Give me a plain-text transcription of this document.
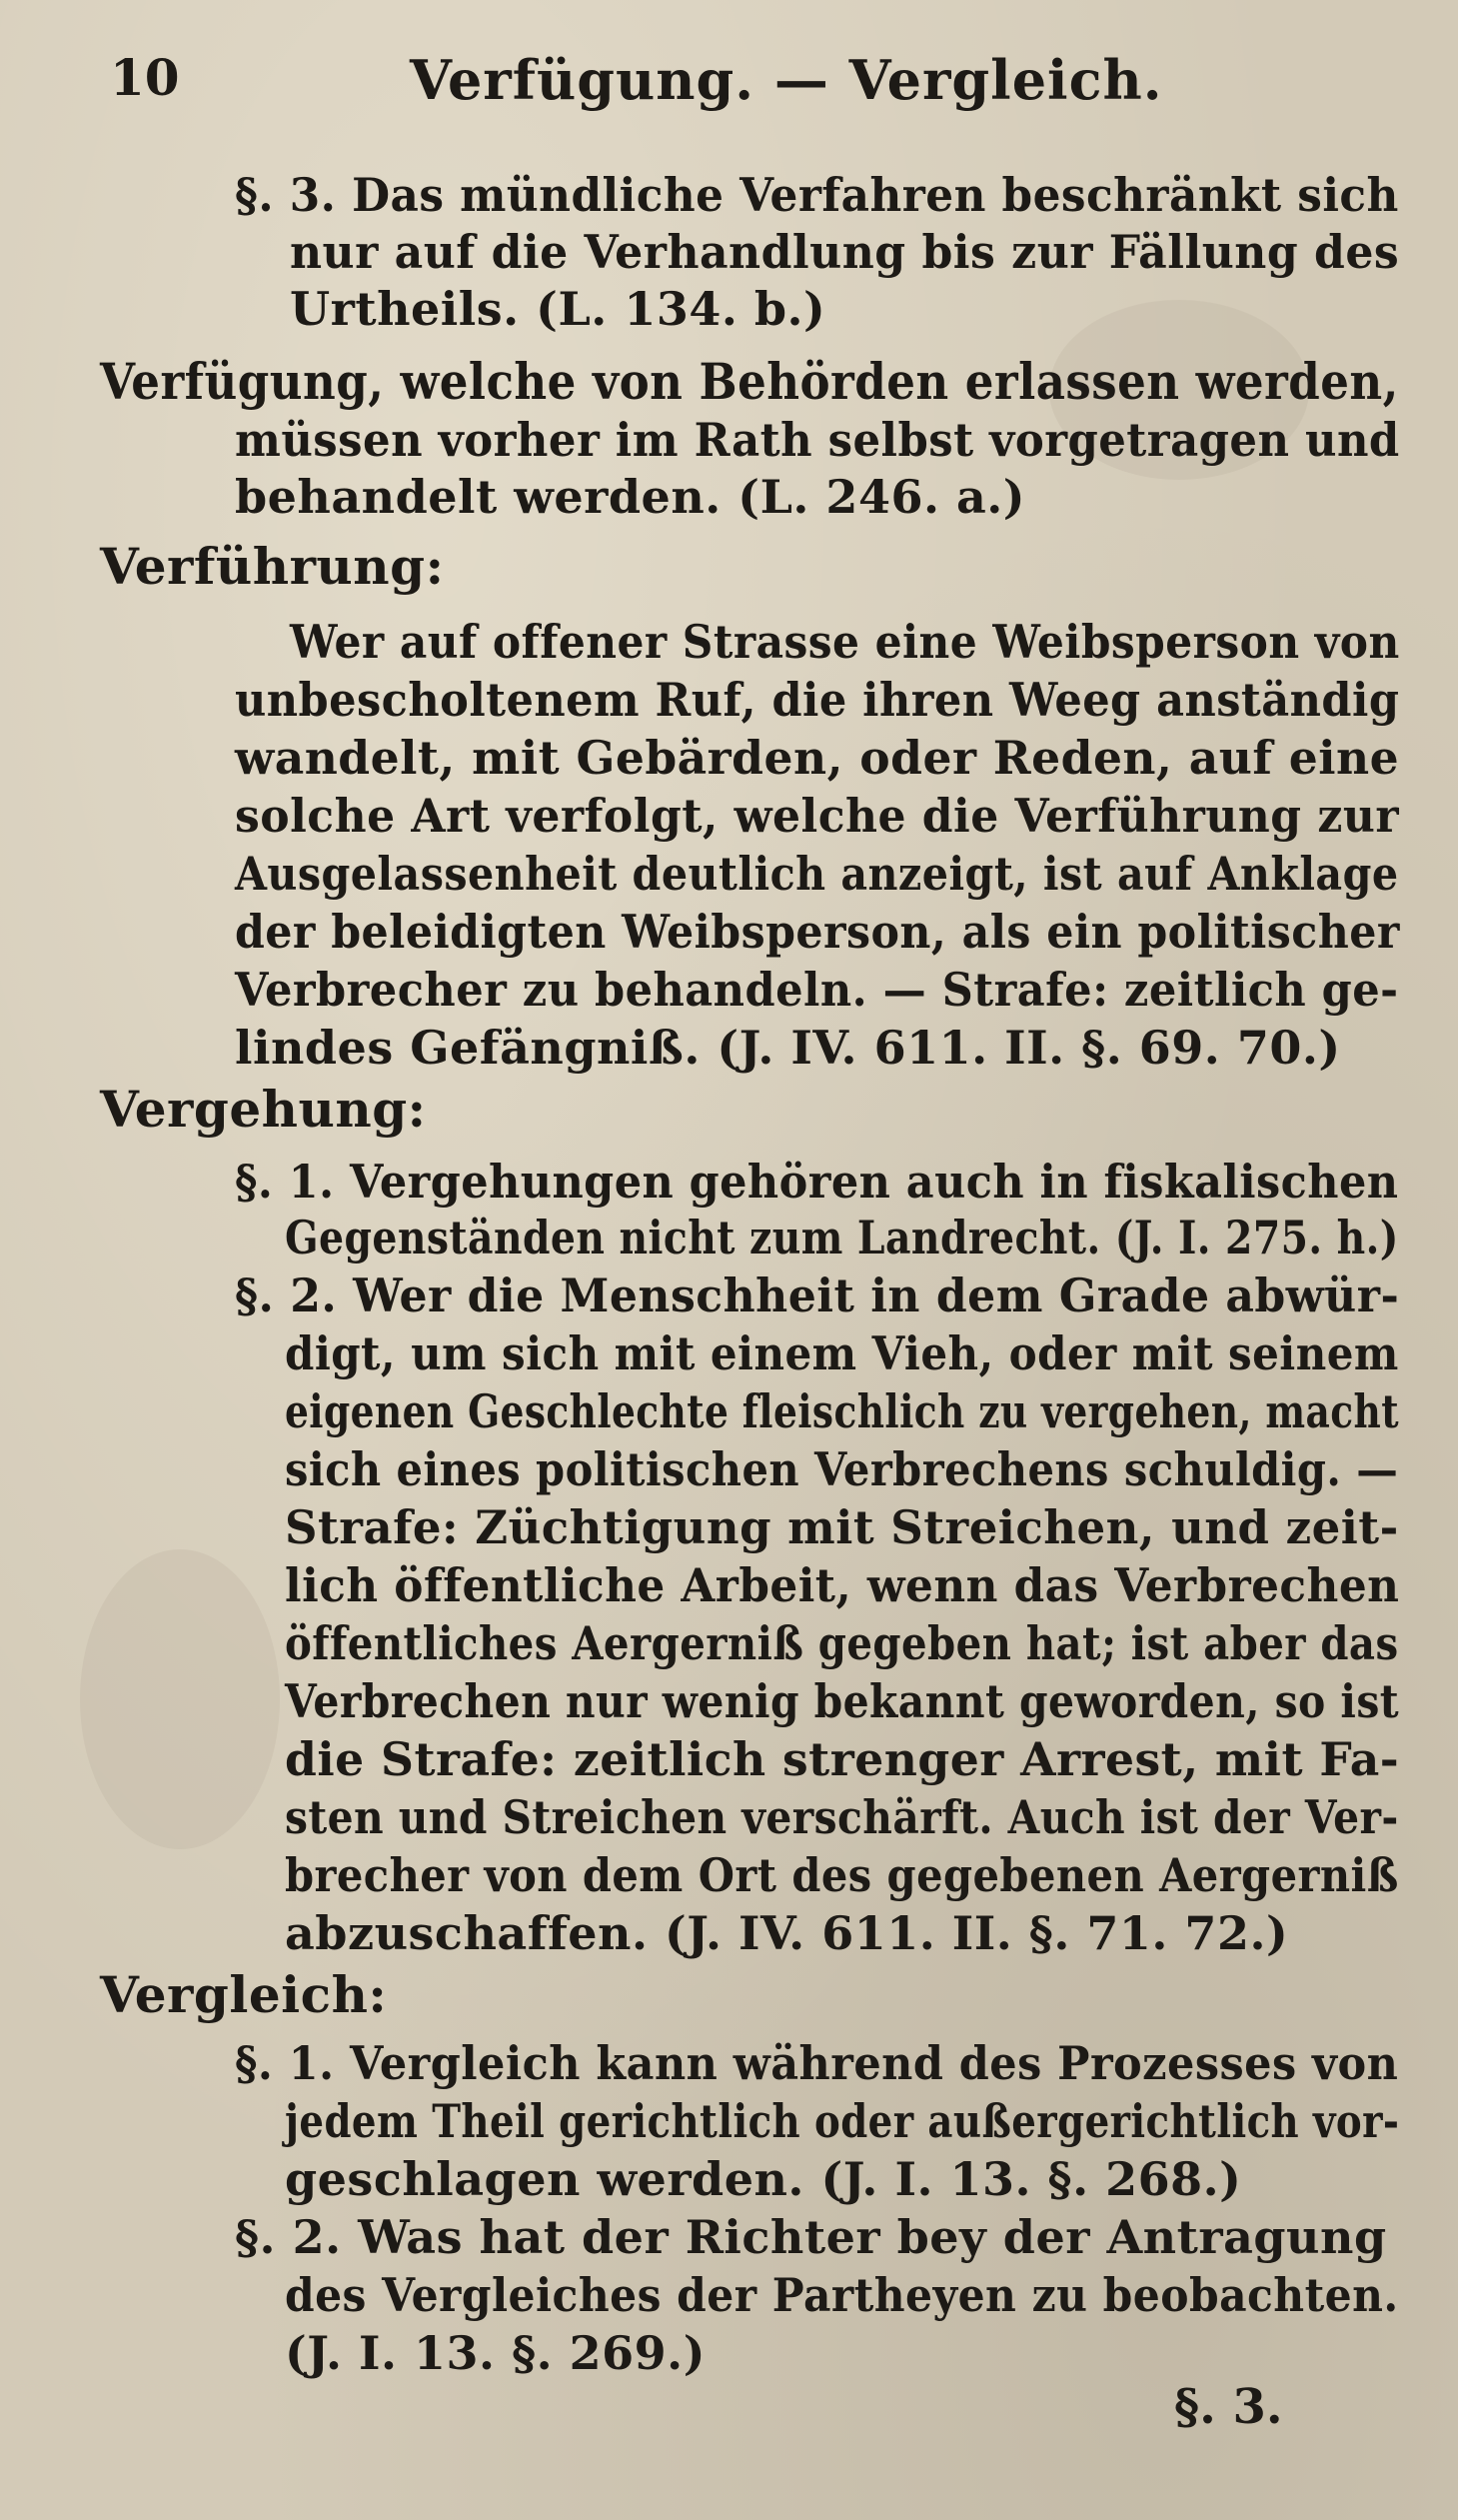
10	Verfügung. — Vergleich.
§. 3. Das mündliche Verfahren beschränkt sich
nur auf die Verhandlung bis zur Fällung des
Urtheils. (L. 134. b.)
Verfügung, welche von Behörden erlassen werden,
müssen vorher im Rath selbst vorgetragen und
behandelt werden. (L. 246. a.)
Verführung:
Wer auf offener Strasse eine Weibsperson von
unbescholtenem Ruf, die ihren Weeg anständig
wandelt, mit Gebärden, oder Reden, auf eine
solche Art verfolgt, welche die Verführung zur
Ausgelassenheit deutlich anzeigt, ist auf Anklage
der beleidigten Weibsperson, als ein politischer
Verbrecher zu behandeln. — Strafe: zeitlich ge-
lindes Gefängniß. (J. IV. 611. II. §. 69. 70.)
Vergehung:
§. 1. Vergehungen gehören auch in fiskalischen
Gegenständen nicht zum Landrecht. (J. I. 275. h.)
§. 2. Wer die Menschheit in dem Grade abwür-
digt, um sich mit einem Vieh, oder mit seinem
eigenen Geschlechte fleischlich zu vergehen, macht
sich eines politischen Verbrechens schuldig. —
Strafe: Züchtigung mit Streichen, und zeit-
lich öffentliche Arbeit, wenn das Verbrechen
öffentliches Aergerniß gegeben hat; ist aber das
Verbrechen nur wenig bekannt geworden, so ist
die Strafe: zeitlich strenger Arrest, mit Fa-
sten und Streichen verschärft. Auch ist der Ver-
brecher von dem Ort des gegebenen Aergerniß
abzuschaffen. (J. IV. 611. II. §. 71. 72.)
Vergleich:
§. 1. Vergleich kann während des Prozesses von
jedem Theil gerichtlich oder außergerichtlich vor-
geschlagen werden. (J. I. 13. §. 268.)
§. 2. Was hat der Richter bey der Antragung
des Vergleiches der Partheyen zu beobachten.
(J. I. 13. §. 269.)
§. 3.
